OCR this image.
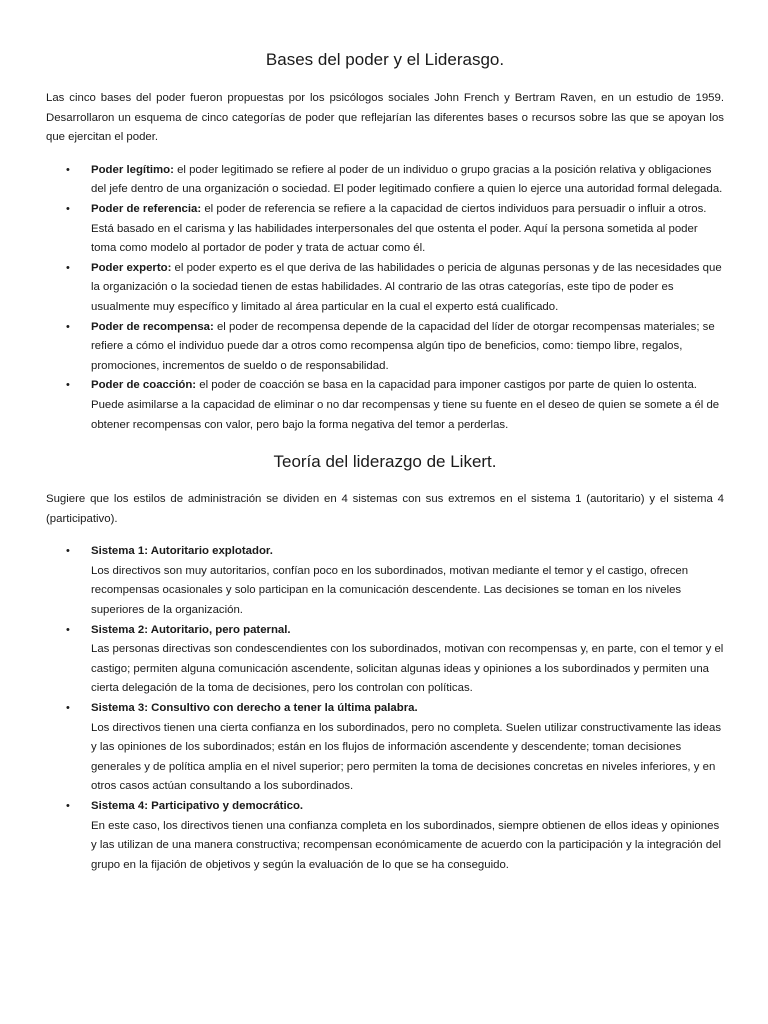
Bases del poder y el Liderasgo.

Las cinco bases del poder fueron propuestas por los psicólogos sociales John French y Bertram Raven, en un estudio de 1959. Desarrollaron un esquema de cinco categorías de poder que reflejarían las diferentes bases o recursos sobre las que se apoyan los que ejercitan el poder.

• Poder legítimo: el poder legitimado se refiere al poder de un individuo o grupo gracias a la posición relativa y obligaciones del jefe dentro de una organización o sociedad. El poder legitimado confiere a quien lo ejerce una autoridad formal delegada.
• Poder de referencia: el poder de referencia se refiere a la capacidad de ciertos individuos para persuadir o influir a otros. Está basado en el carisma y las habilidades interpersonales del que ostenta el poder. Aquí la persona sometida al poder toma como modelo al portador de poder y trata de actuar como él.
• Poder experto: el poder experto es el que deriva de las habilidades o pericia de algunas personas y de las necesidades que la organización o la sociedad tienen de estas habilidades. Al contrario de las otras categorías, este tipo de poder es usualmente muy específico y limitado al área particular en la cual el experto está cualificado.
• Poder de recompensa: el poder de recompensa depende de la capacidad del líder de otorgar recompensas materiales; se refiere a cómo el individuo puede dar a otros como recompensa algún tipo de beneficios, como: tiempo libre, regalos, promociones, incrementos de sueldo o de responsabilidad.
• Poder de coacción: el poder de coacción se basa en la capacidad para imponer castigos por parte de quien lo ostenta. Puede asimilarse a la capacidad de eliminar o no dar recompensas y tiene su fuente en el deseo de quien se somete a él de obtener recompensas con valor, pero bajo la forma negativa del temor a perderlas.
Teoría del liderazgo de Likert.

Sugiere que los estilos de administración se dividen en 4 sistemas con sus extremos en el sistema 1 (autoritario) y el sistema 4 (participativo).

• Sistema 1: Autoritario explotador.
Los directivos son muy autoritarios, confían poco en los subordinados, motivan mediante el temor y el castigo, ofrecen recompensas ocasionales y solo participan en la comunicación descendente. Las decisiones se toman en los niveles superiores de la organización.
• Sistema 2: Autoritario, pero paternal.
Las personas directivas son condescendientes con los subordinados, motivan con recompensas y, en parte, con el temor y el castigo; permiten alguna comunicación ascendente, solicitan algunas ideas y opiniones a los subordinados y permiten una cierta delegación de la toma de decisiones, pero los controlan con políticas.
• Sistema 3: Consultivo con derecho a tener la última palabra.
Los directivos tienen una cierta confianza en los subordinados, pero no completa. Suelen utilizar constructivamente las ideas y las opiniones de los subordinados; están en los flujos de información ascendente y descendente; toman decisiones generales y de política amplia en el nivel superior; pero permiten la toma de decisiones concretas en niveles inferiores, y en otros casos actúan consultando a los subordinados.
• Sistema 4: Participativo y democrático.
En este caso, los directivos tienen una confianza completa en los subordinados, siempre obtienen de ellos ideas y opiniones y las utilizan de una manera constructiva; recompensan económicamente de acuerdo con la participación y la integración del grupo en la fijación de objetivos y según la evaluación de lo que se ha conseguido.
